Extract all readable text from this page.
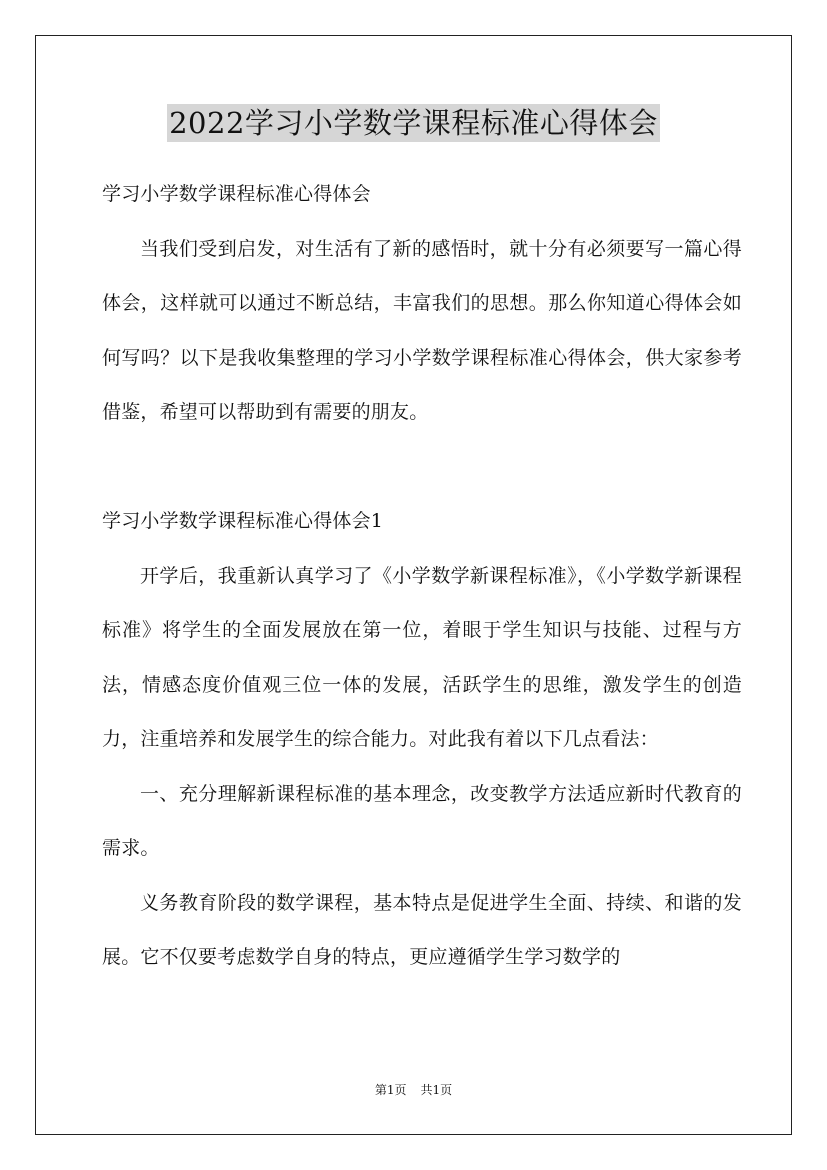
2022学习小学数学课程标准心得体会

学习小学数学课程标准心得体会

当我们受到启发，对生活有了新的感悟时，就十分有必须要写一篇心得体会，这样就可以通过不断总结，丰富我们的思想。那么你知道心得体会如何写吗？以下是我收集整理的学习小学数学课程标准心得体会，供大家参考借鉴，希望可以帮助到有需要的朋友。

学习小学数学课程标准心得体会1

开学后，我重新认真学习了《小学数学新课程标准》，《小学数学新课程标准》将学生的全面发展放在第一位，着眼于学生知识与技能、过程与方法，情感态度价值观三位一体的发展，活跃学生的思维，激发学生的创造力，注重培养和发展学生的综合能力。对此我有着以下几点看法：

一、充分理解新课程标准的基本理念，改变教学方法适应新时代教育的需求。

义务教育阶段的数学课程，基本特点是促进学生全面、持续、和谐的发展。它不仅要考虑数学自身的特点，更应遵循学生学习数学的

第1页 共1页
